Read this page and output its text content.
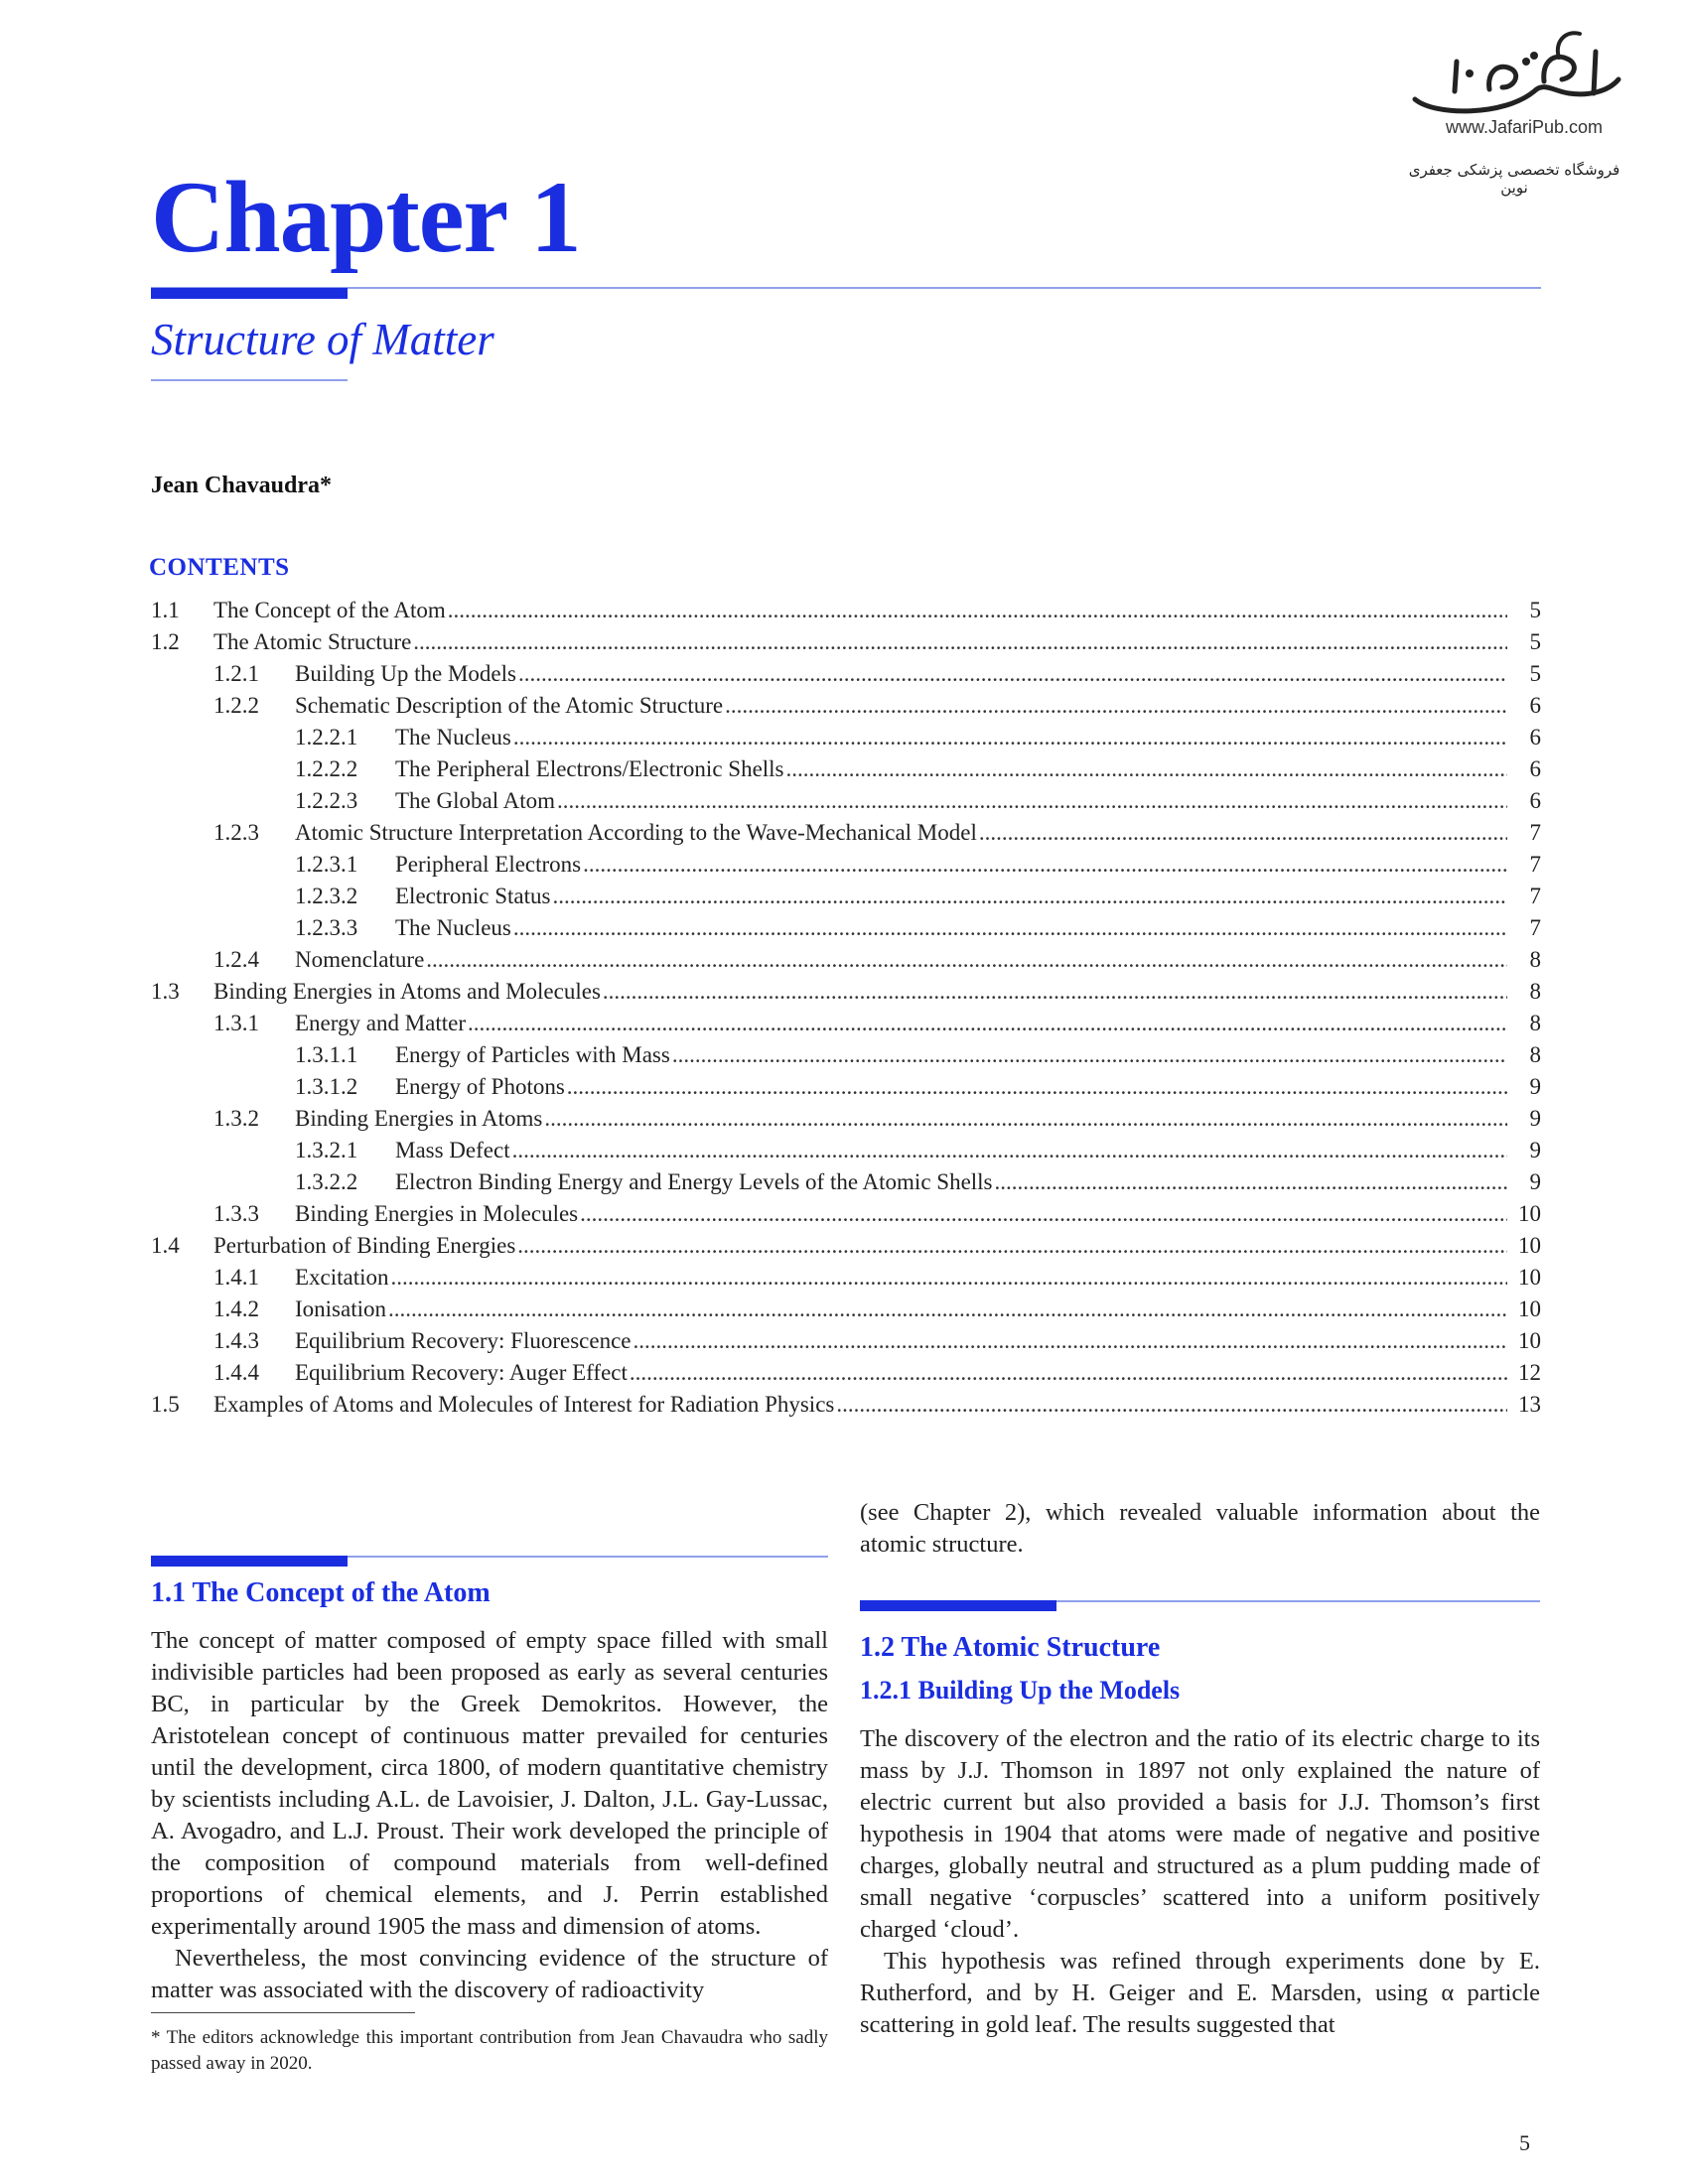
www.JafariPub.com
فروشگاه تخصصی پزشکی جعفری نوین
Chapter 1
Structure of Matter
Jean Chavaudra*
CONTENTS
1.1 The Concept of the Atom .....	5
1.2 The Atomic Structure .....	5
1.2.1 Building Up the Models .....	5
1.2.2 Schematic Description of the Atomic Structure .....	6
1.2.2.1 The Nucleus .....	6
1.2.2.2 The Peripheral Electrons/Electronic Shells .....	6
1.2.2.3 The Global Atom .....	6
1.2.3 Atomic Structure Interpretation According to the Wave-Mechanical Model .....	7
1.2.3.1 Peripheral Electrons .....	7
1.2.3.2 Electronic Status .....	7
1.2.3.3 The Nucleus .....	7
1.2.4 Nomenclature .....	8
1.3 Binding Energies in Atoms and Molecules .....	8
1.3.1 Energy and Matter .....	8
1.3.1.1 Energy of Particles with Mass .....	8
1.3.1.2 Energy of Photons .....	9
1.3.2 Binding Energies in Atoms .....	9
1.3.2.1 Mass Defect .....	9
1.3.2.2 Electron Binding Energy and Energy Levels of the Atomic Shells .....	9
1.3.3 Binding Energies in Molecules .....	10
1.4 Perturbation of Binding Energies .....	10
1.4.1 Excitation .....	10
1.4.2 Ionisation .....	10
1.4.3 Equilibrium Recovery: Fluorescence .....	10
1.4.4 Equilibrium Recovery: Auger Effect .....	12
1.5 Examples of Atoms and Molecules of Interest for Radiation Physics .....	13
1.1 The Concept of the Atom
The concept of matter composed of empty space filled with small indivisible particles had been proposed as early as several centuries BC, in particular by the Greek Demokritos. However, the Aristotelean concept of continuous matter prevailed for centuries until the development, circa 1800, of modern quantitative chemistry by scientists including A.L. de Lavoisier, J. Dalton, J.L. Gay-Lussac, A. Avogadro, and L.J. Proust. Their work developed the principle of the composition of compound materials from well-defined proportions of chemical elements, and J. Perrin established experimentally around 1905 the mass and dimension of atoms.
Nevertheless, the most convincing evidence of the structure of matter was associated with the discovery of radioactivity
(see Chapter 2), which revealed valuable information about the atomic structure.
1.2 The Atomic Structure
1.2.1 Building Up the Models
The discovery of the electron and the ratio of its electric charge to its mass by J.J. Thomson in 1897 not only explained the nature of electric current but also provided a basis for J.J. Thomson’s first hypothesis in 1904 that atoms were made of negative and positive charges, globally neutral and structured as a plum pudding made of small negative ‘corpuscles’ scattered into a uniform positively charged ‘cloud’.
This hypothesis was refined through experiments done by E. Rutherford, and by H. Geiger and E. Marsden, using α particle scattering in gold leaf. The results suggested that
* The editors acknowledge this important contribution from Jean Chavaudra who sadly passed away in 2020.
5
